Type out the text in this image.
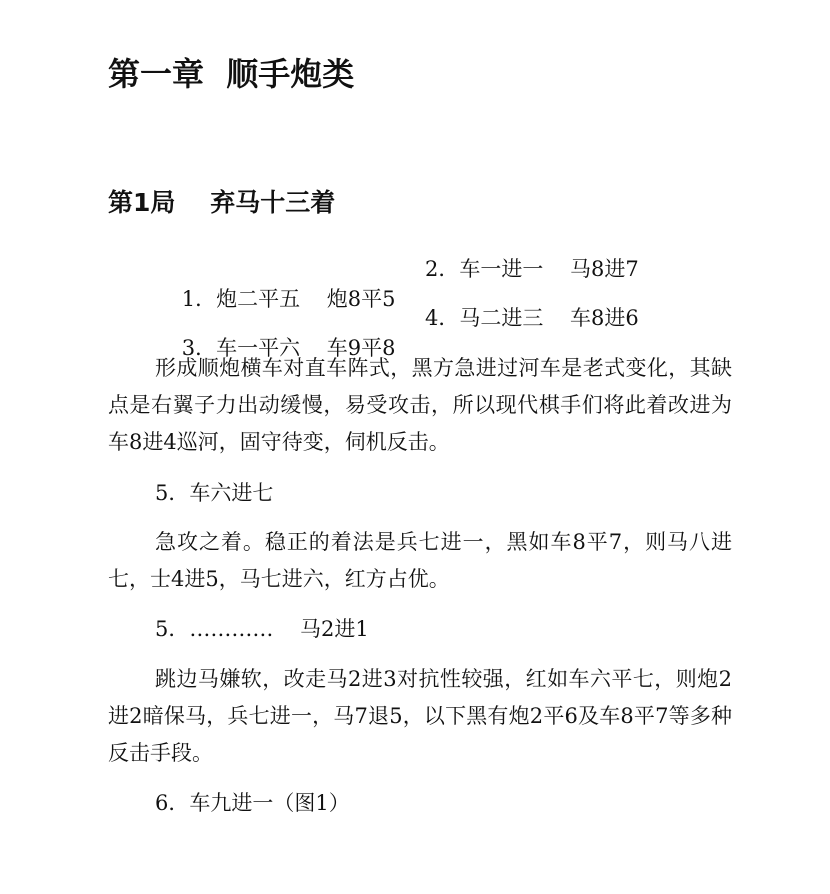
第一章  顺手炮类
第1局    弃马十三着

1．炮二平五    炮8平5

2．车一进一    马8进7

3．车一平六    车9平8

4．马二进三    车8进6

形成顺炮横车对直车阵式，黑方急进过河车是老式变化，其缺点是右翼子力出动缓慢，易受攻击，所以现代棋手们将此着改进为车8进4巡河，固守待变，伺机反击。

5．车六进七

急攻之着。稳正的着法是兵七进一，黑如车8平7，则马八进七，士4进5，马七进六，红方占优。

5．…………    马2进1

跳边马嫌软，改走马2进3对抗性较强，红如车六平七，则炮2进2暗保马，兵七进一，马7退5，以下黑有炮2平6及车8平7等多种反击手段。

6．车九进一（图1）
